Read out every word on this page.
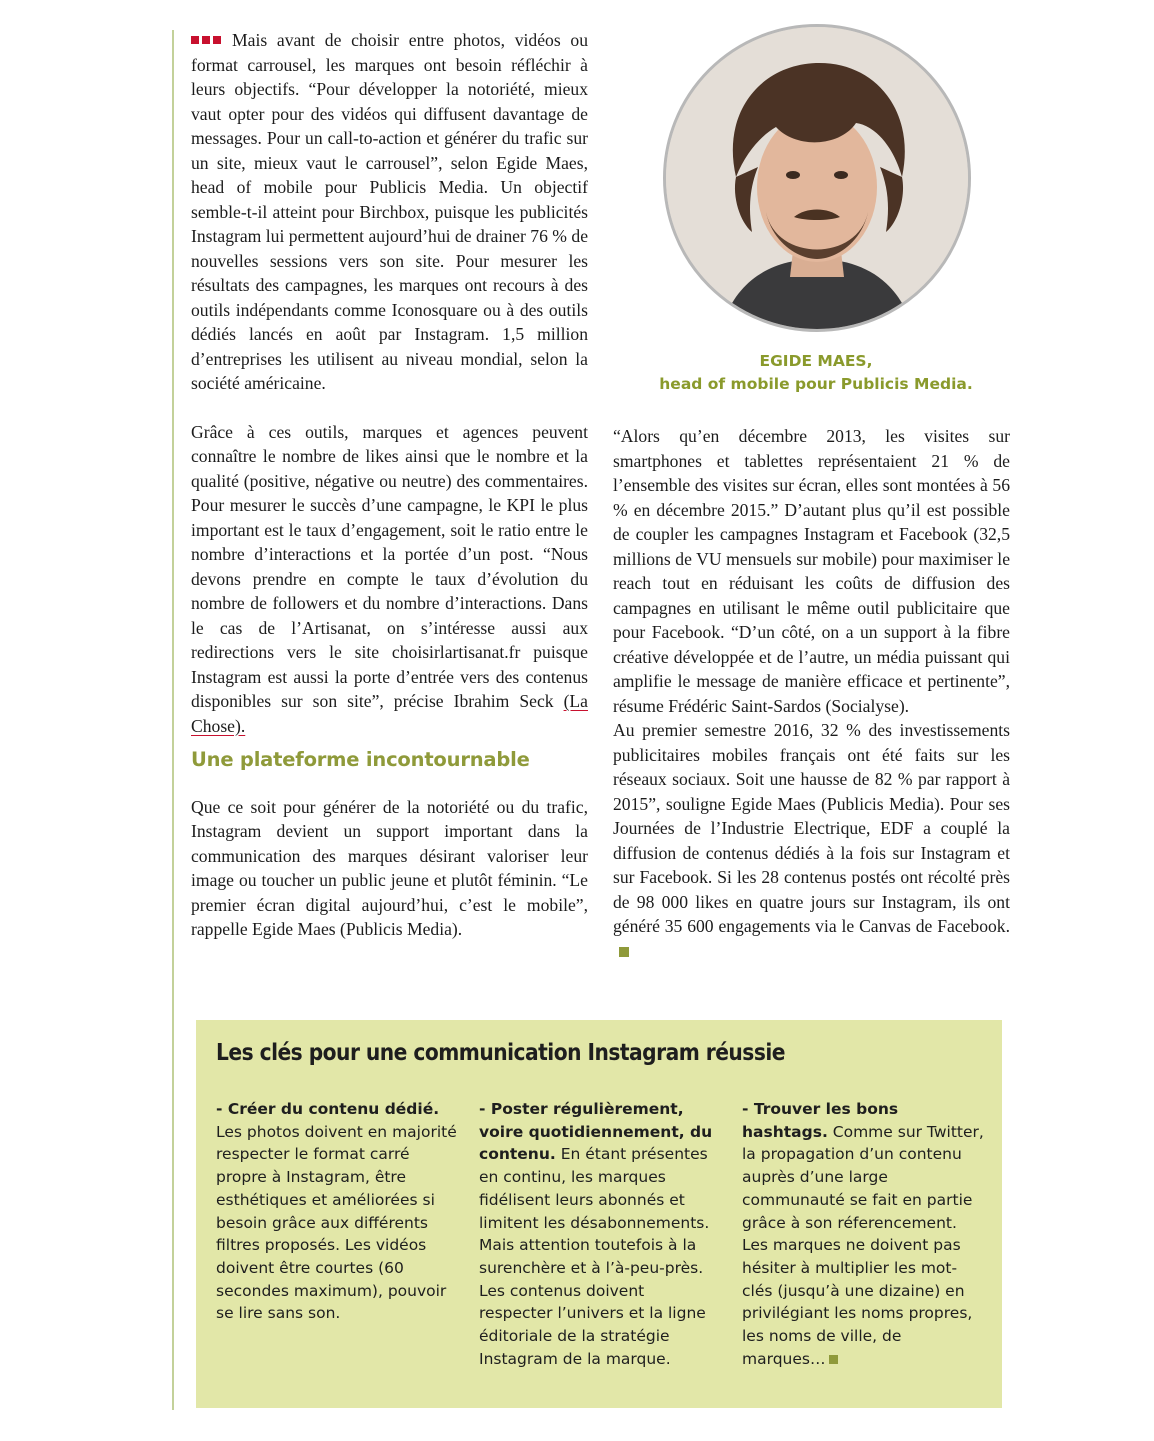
Mais avant de choisir entre photos, vidéos ou format carrousel, les marques ont besoin réfléchir à leurs objectifs. “Pour développer la notoriété, mieux vaut opter pour des vidéos qui diffusent davantage de messages. Pour un call-to-action et générer du trafic sur un site, mieux vaut le carrousel”, selon Egide Maes, head of mobile pour Publicis Media. Un objectif semble-t-il atteint pour Birchbox, puisque les publicités Instagram lui permettent aujourd’hui de drainer 76 % de nouvelles sessions vers son site. Pour mesurer les résultats des campagnes, les marques ont recours à des outils indépendants comme Iconosquare ou à des outils dédiés lancés en août par Instagram. 1,5 million d’entreprises les utilisent au niveau mondial, selon la société américaine.

Grâce à ces outils, marques et agences peuvent connaître le nombre de likes ainsi que le nombre et la qualité (positive, négative ou neutre) des commentaires. Pour mesurer le succès d’une campagne, le KPI le plus important est le taux d’engagement, soit le ratio entre le nombre d’interactions et la portée d’un post. “Nous devons prendre en compte le taux d’évolution du nombre de followers et du nombre d’interactions. Dans le cas de l’Artisanat, on s’intéresse aussi aux redirections vers le site choisirlartisanat.fr puisque Instagram est aussi la porte d’entrée vers des contenus disponibles sur son site”, précise Ibrahim Seck (La Chose).

Une plateforme incontournable

Que ce soit pour générer de la notoriété ou du trafic, Instagram devient un support important dans la communication des marques désirant valoriser leur image ou toucher un public jeune et plutôt féminin. “Le premier écran digital aujourd’hui, c’est le mobile”, rappelle Egide Maes (Publicis Media).

EGIDE MAES,
head of mobile pour Publicis Media.

“Alors qu’en décembre 2013, les visites sur smartphones et tablettes représentaient 21 % de l’ensemble des visites sur écran, elles sont montées à 56 % en décembre 2015.” D’autant plus qu’il est possible de coupler les campagnes Instagram et Facebook (32,5 millions de VU mensuels sur mobile) pour maximiser le reach tout en réduisant les coûts de diffusion des campagnes en utilisant le même outil publicitaire que pour Facebook. “D’un côté, on a un support à la fibre créative développée et de l’autre, un média puissant qui amplifie le message de manière efficace et pertinente”, résume Frédéric Saint-Sardos (Socialyse).

Au premier semestre 2016, 32 % des investissements publicitaires mobiles français ont été faits sur les réseaux sociaux. Soit une hausse de 82 % par rapport à 2015”, souligne Egide Maes (Publicis Media). Pour ses Journées de l’Industrie Electrique, EDF a couplé la diffusion de contenus dédiés à la fois sur Instagram et sur Facebook. Si les 28 contenus postés ont récolté près de 98 000 likes en quatre jours sur Instagram, ils ont généré 35 600 engagements via le Canvas de Facebook.

Les clés pour une communication Instagram réussie
- Créer du contenu dédié. Les photos doivent en majorité respecter le format carré propre à Instagram, être esthétiques et améliorées si besoin grâce aux différents filtres proposés. Les vidéos doivent être courtes (60 secondes maximum), pouvoir se lire sans son.
- Poster régulièrement, voire quotidiennement, du contenu. En étant présentes en continu, les marques fidélisent leurs abonnés et limitent les désabonnements. Mais attention toutefois à la surenchère et à l’à-peu-près. Les contenus doivent respecter l’univers et la ligne éditoriale de la stratégie Instagram de la marque.
- Trouver les bons hashtags. Comme sur Twitter, la propagation d’un contenu auprès d’une large communauté se fait en partie grâce à son réferencement. Les marques ne doivent pas hésiter à multiplier les mot-clés (jusqu’à une dizaine) en privilégiant les noms propres, les noms de ville, de marques…
